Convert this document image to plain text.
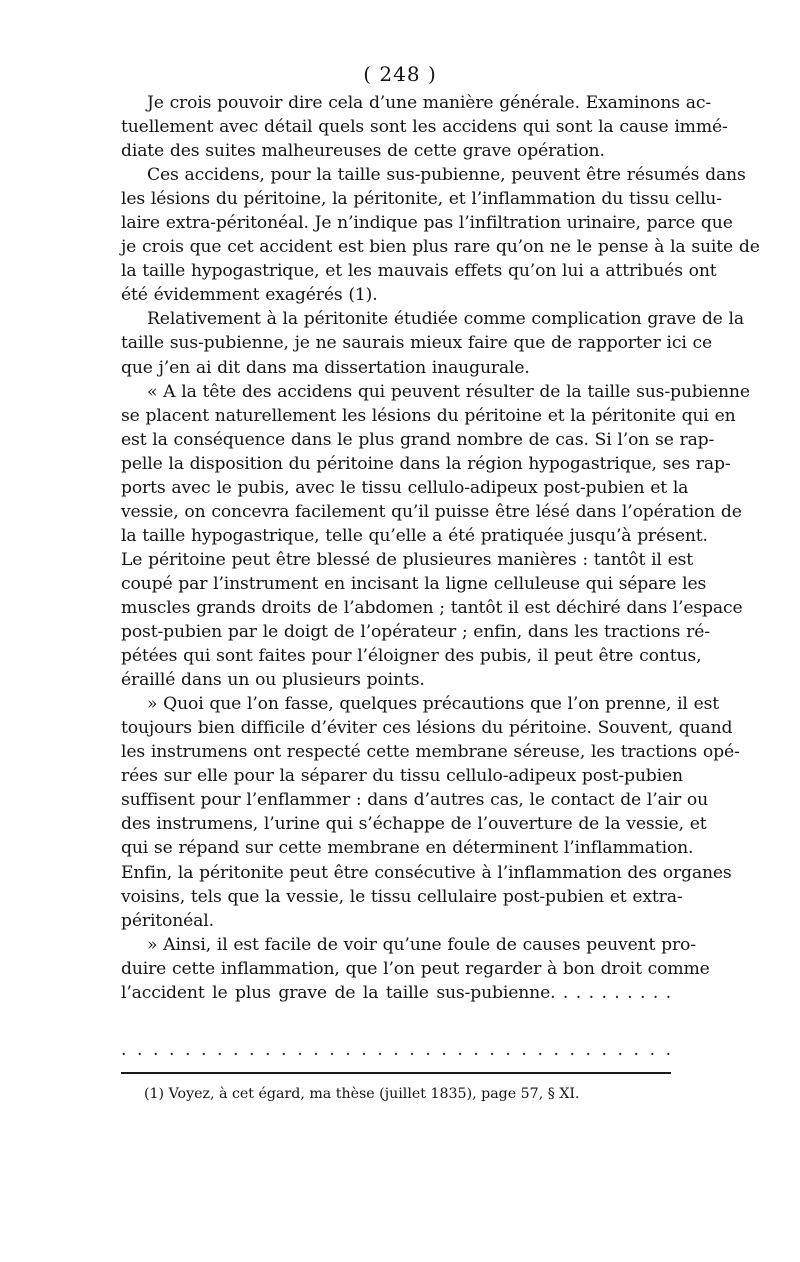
( 248 )
Je crois pouvoir dire cela d’une manière générale. Examinons ac-
tuellement avec détail quels sont les accidens qui sont la cause immé-
diate des suites malheureuses de cette grave opération.
Ces accidens, pour la taille sus-pubienne, peuvent être résumés dans
les lésions du péritoine, la péritonite, et l’inflammation du tissu cellu-
laire extra-péritonéal. Je n’indique pas l’infiltration urinaire, parce que
je crois que cet accident est bien plus rare qu’on ne le pense à la suite de
la taille hypogastrique, et les mauvais effets qu’on lui a attribués ont
été évidemment exagérés (1).
Relativement à la péritonite étudiée comme complication grave de la
taille sus-pubienne, je ne saurais mieux faire que de rapporter ici ce
que j’en ai dit dans ma dissertation inaugurale.
« A la tête des accidens qui peuvent résulter de la taille sus-pubienne
se placent naturellement les lésions du péritoine et la péritonite qui en
est la conséquence dans le plus grand nombre de cas. Si l’on se rap-
pelle la disposition du péritoine dans la région hypogastrique, ses rap-
ports avec le pubis, avec le tissu cellulo-adipeux post-pubien et la
vessie, on concevra facilement qu’il puisse être lésé dans l’opération de
la taille hypogastrique, telle qu’elle a été pratiquée jusqu’à présent.
Le péritoine peut être blessé de plusieures manières : tantôt il est
coupé par l’instrument en incisant la ligne celluleuse qui sépare les
muscles grands droits de l’abdomen ; tantôt il est déchiré dans l’espace
post-pubien par le doigt de l’opérateur ; enfin, dans les tractions ré-
pétées qui sont faites pour l’éloigner des pubis, il peut être contus,
éraillé dans un ou plusieurs points.
» Quoi que l’on fasse, quelques précautions que l’on prenne, il est
toujours bien difficile d’éviter ces lésions du péritoine. Souvent, quand
les instrumens ont respecté cette membrane séreuse, les tractions opé-
rées sur elle pour la séparer du tissu cellulo-adipeux post-pubien
suffisent pour l’enflammer : dans d’autres cas, le contact de l’air ou
des instrumens, l’urine qui s’échappe de l’ouverture de la vessie, et
qui se répand sur cette membrane en déterminent l’inflammation.
Enfin, la péritonite peut être consécutive à l’inflammation des organes
voisins, tels que la vessie, le tissu cellulaire post-pubien et extra-
péritonéal.
» Ainsi, il est facile de voir qu’une foule de causes peuvent pro-
duire cette inflammation, que l’on peut regarder à bon droit comme
l’accident le plus grave de la taille sus-pubienne. . . . . . . . . .
. . . . . . . . . . . . . . . . . . . . . . . . . . . . . . . . . . .
(1) Voyez, à cet égard, ma thèse (juillet 1835), page 57, § XI.
